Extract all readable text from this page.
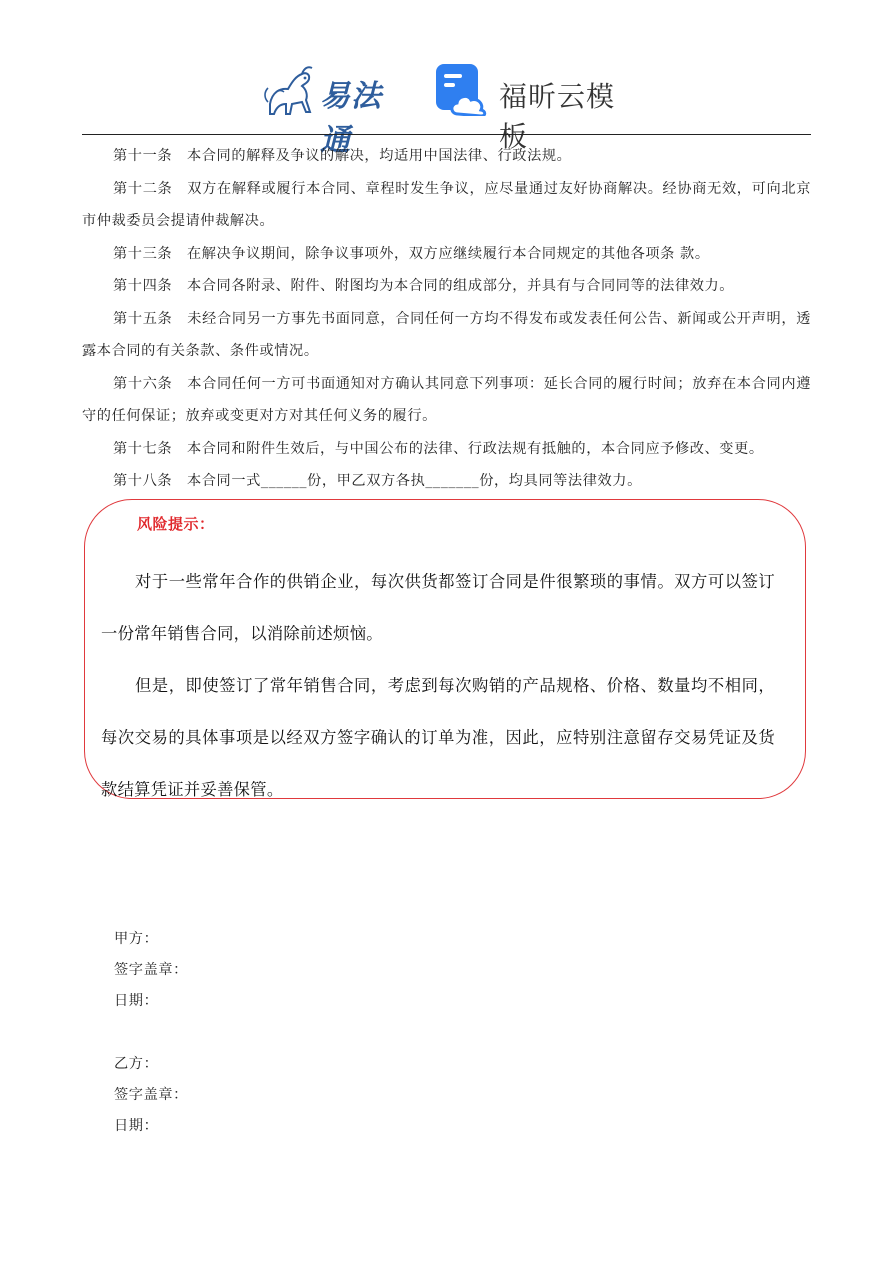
易法通
福昕云模板

第十一条　 本合同的解释及争议的解决，均适用中国法律、行政法规。

第十二条　 双方在解释或履行本合同、章程时发生争议，应尽量通过友好协商解决。经协商无效，可向北京市仲裁委员会提请仲裁解决。

第十三条　 在解决争议期间，除争议事项外，双方应继续履行本合同规定的其他各项条 款。

第十四条　 本合同各附录、附件、附图均为本合同的组成部分，并具有与合同同等的法律效力。

第十五条　 未经合同另一方事先书面同意，合同任何一方均不得发布或发表任何公告、新闻或公开声明，透露本合同的有关条款、条件或情况。

第十六条　 本合同任何一方可书面通知对方确认其同意下列事项：延长合同的履行时间；放弃在本合同内遵守的任何保证；放弃或变更对方对其任何义务的履行。

第十七条　 本合同和附件生效后，与中国公布的法律、行政法规有抵触的，本合同应予修改、变更。

第十八条　 本合同一式______份，甲乙双方各执_______份，均具同等法律效力。

风险提示：

对于一些常年合作的供销企业，每次供货都签订合同是件很繁琐的事情。双方可以签订一份常年销售合同，以消除前述烦恼。

但是，即使签订了常年销售合同，考虑到每次购销的产品规格、价格、数量均不相同，每次交易的具体事项是以经双方签字确认的订单为准，因此，应特别注意留存交易凭证及货款结算凭证并妥善保管。

甲方：
签字盖章：
日期：
乙方：
签字盖章：
日期：
